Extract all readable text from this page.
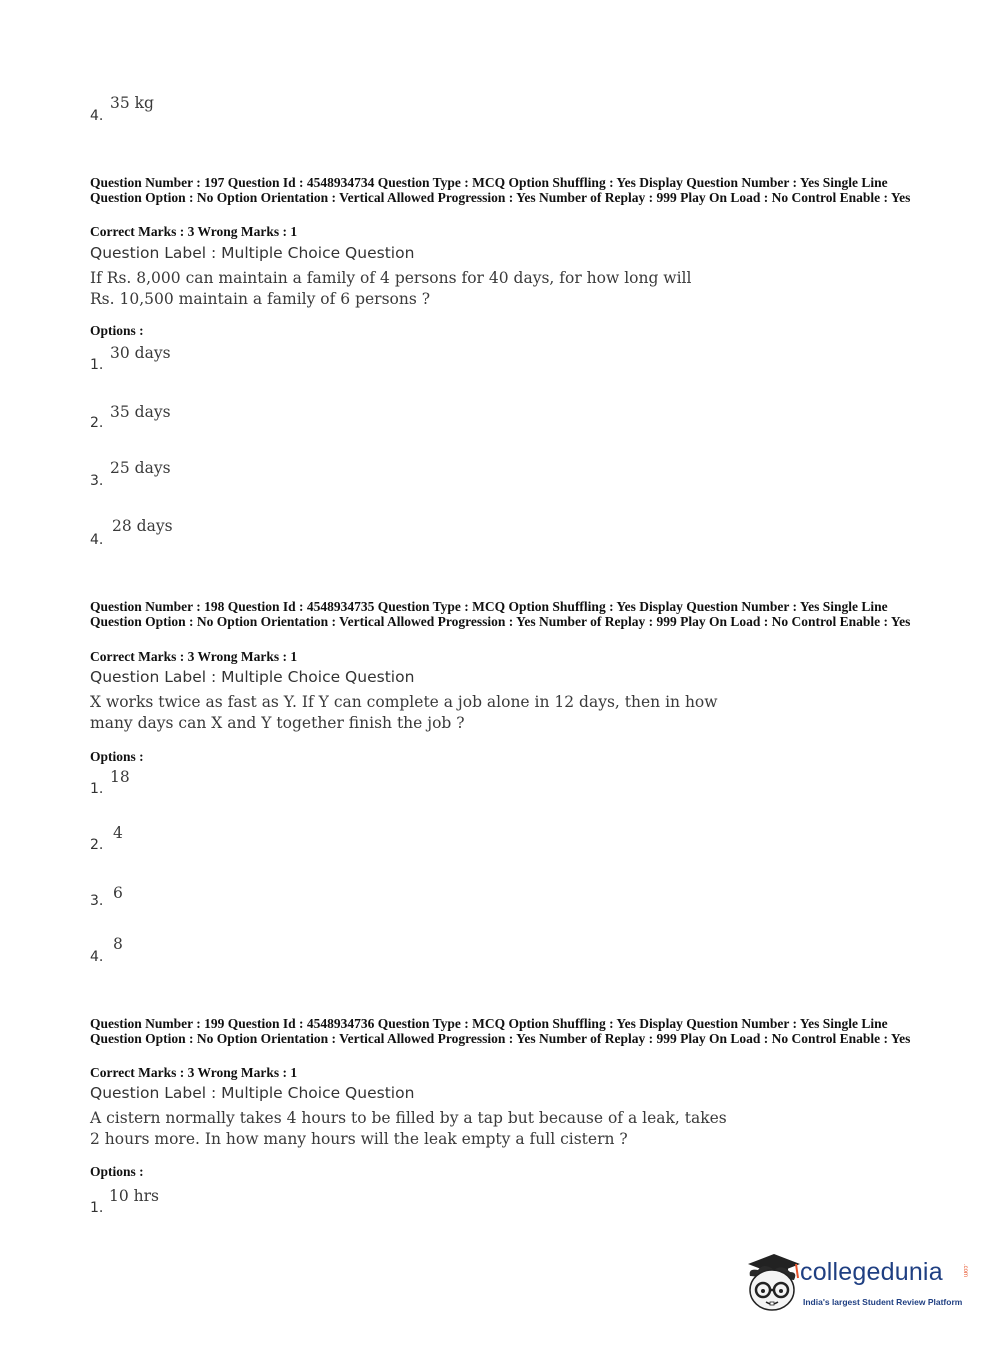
4.
35 kg
Question Number : 197 Question Id : 4548934734 Question Type : MCQ Option Shuffling : Yes Display Question Number : Yes Single Line Question Option : No Option Orientation : Vertical Allowed Progression : Yes Number of Replay : 999 Play On Load : No Control Enable : Yes
Correct Marks : 3 Wrong Marks : 1
Question Label : Multiple Choice Question
If Rs. 8,000 can maintain a family of 4 persons for 40 days, for how long will
Rs. 10,500 maintain a family of 6 persons ?
Options :
1.
30 days
2.
35 days
3.
25 days
4.
28 days
Question Number : 198 Question Id : 4548934735 Question Type : MCQ Option Shuffling : Yes Display Question Number : Yes Single Line Question Option : No Option Orientation : Vertical Allowed Progression : Yes Number of Replay : 999 Play On Load : No Control Enable : Yes
Correct Marks : 3 Wrong Marks : 1
Question Label : Multiple Choice Question
X works twice as fast as Y. If Y can complete a job alone in 12 days, then in how
many days can X and Y together finish the job ?
Options :
1.
18
2.
4
3. 6
4.
8
Question Number : 199 Question Id : 4548934736 Question Type : MCQ Option Shuffling : Yes Display Question Number : Yes Single Line Question Option : No Option Orientation : Vertical Allowed Progression : Yes Number of Replay : 999 Play On Load : No Control Enable : Yes
Correct Marks : 3 Wrong Marks : 1
Question Label : Multiple Choice Question
A cistern normally takes 4 hours to be filled by a tap but because of a leak, takes
2 hours more. In how many hours will the leak empty a full cistern ?
Options :
1.
10 hrs
collegedunia	.com
India's largest Student Review Platform
